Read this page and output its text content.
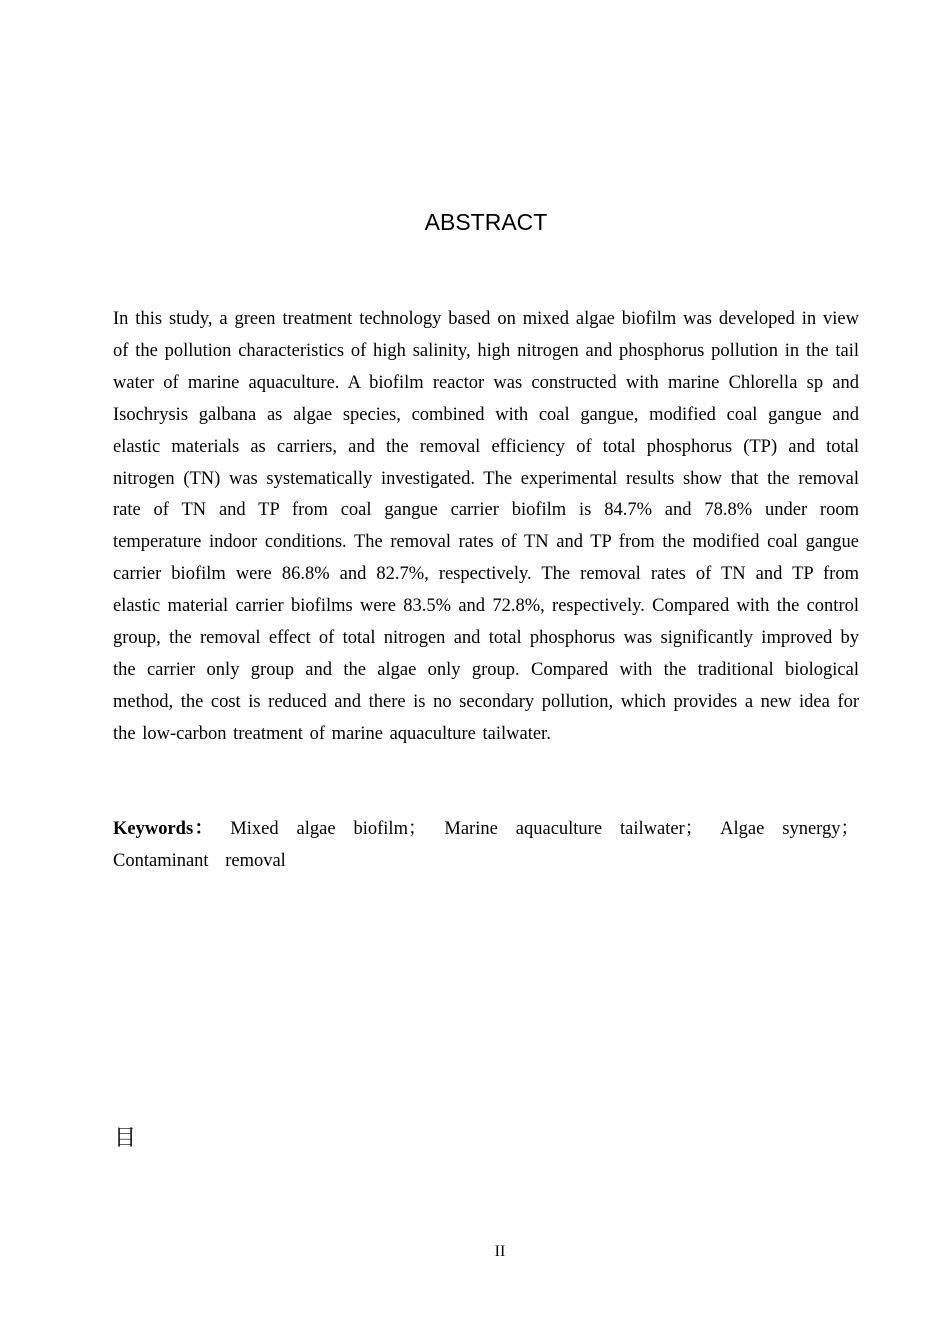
ABSTRACT

In this study, a green treatment technology based on mixed algae biofilm was developed in view of the pollution characteristics of high salinity, high nitrogen and phosphorus pollution in the tail water of marine aquaculture. A biofilm reactor was constructed with marine Chlorella sp and Isochrysis galbana as algae species, combined with coal gangue, modified coal gangue and elastic materials as carriers, and the removal efficiency of total phosphorus (TP) and total nitrogen (TN) was systematically investigated. The experimental results show that the removal rate of TN and TP from coal gangue carrier biofilm is 84.7% and 78.8% under room temperature indoor conditions. The removal rates of TN and TP from the modified coal gangue carrier biofilm were 86.8% and 82.7%, respectively. The removal rates of TN and TP from elastic material carrier biofilms were 83.5% and 72.8%, respectively. Compared with the control group, the removal effect of total nitrogen and total phosphorus was significantly improved by the carrier only group and the algae only group. Compared with the traditional biological method, the cost is reduced and there is no secondary pollution, which provides a new idea for the low-carbon treatment of marine aquaculture tailwater.

Keywords： Mixed algae biofilm； Marine aquaculture tailwater； Algae synergy； Contaminant removal

目
II
